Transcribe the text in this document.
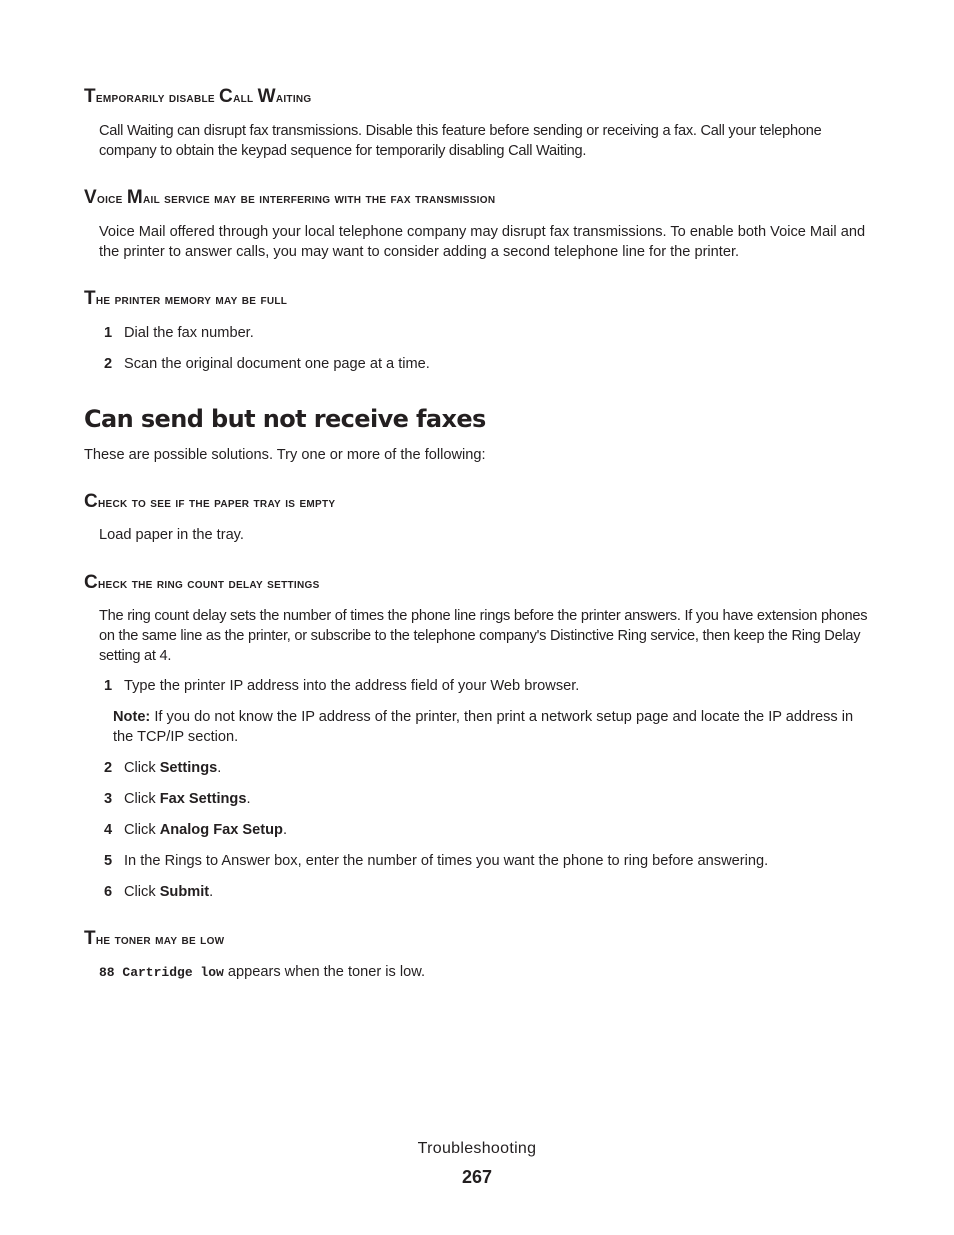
Temporarily disable Call Waiting

Call Waiting can disrupt fax transmissions. Disable this feature before sending or receiving a fax. Call your telephone company to obtain the keypad sequence for temporarily disabling Call Waiting.

Voice Mail service may be interfering with the fax transmission

Voice Mail offered through your local telephone company may disrupt fax transmissions. To enable both Voice Mail and the printer to answer calls, you may want to consider adding a second telephone line for the printer.

The printer memory may be full
1 Dial the fax number.
2 Scan the original document one page at a time.
Can send but not receive faxes

These are possible solutions. Try one or more of the following:

Check to see if the paper tray is empty

Load paper in the tray.

Check the ring count delay settings

The ring count delay sets the number of times the phone line rings before the printer answers. If you have extension phones on the same line as the printer, or subscribe to the telephone company's Distinctive Ring service, then keep the Ring Delay setting at 4.

1 Type the printer IP address into the address field of your Web browser.
Note: If you do not know the IP address of the printer, then print a network setup page and locate the IP address in the TCP/IP section.
2 Click Settings.
3 Click Fax Settings.
4 Click Analog Fax Setup.
5 In the Rings to Answer box, enter the number of times you want the phone to ring before answering.
6 Click Submit.
The toner may be low

88 Cartridge low appears when the toner is low.

Troubleshooting
267
